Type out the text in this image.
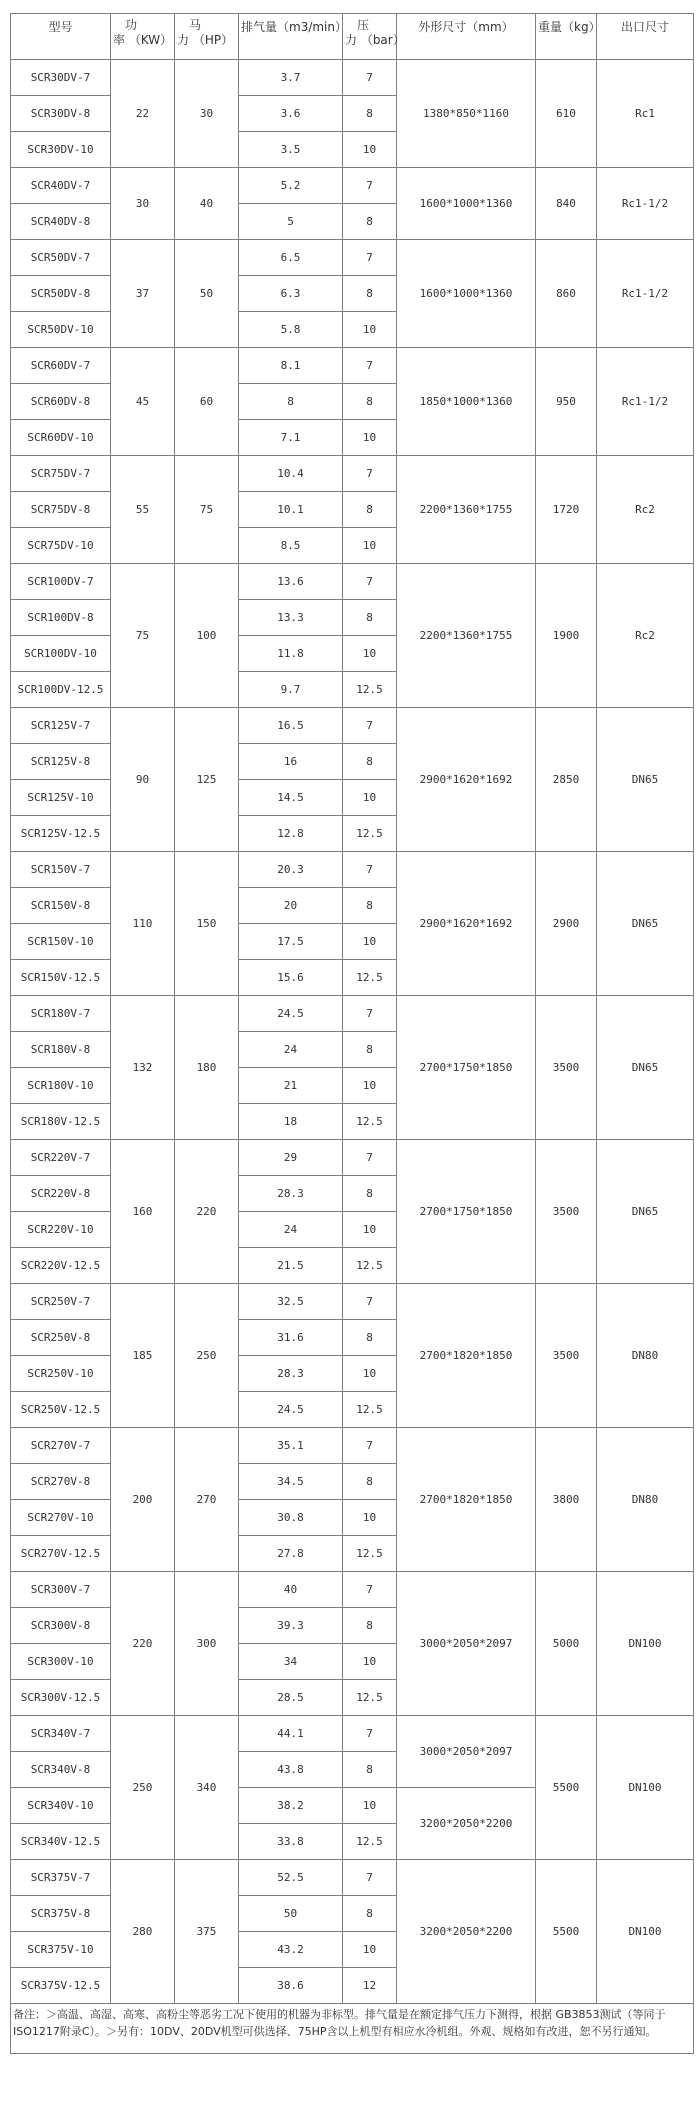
型号	功
率 （KW）	马
力 （HP）	排气量（m3/min）	压
力 （bar）	外形尺寸（mm）	重量（kg）	出口尺寸
SCR30DV-7	22	30	3.7	7	1380*850*1160	610	Rc1
SCR30DV-8			3.6	8			
SCR30DV-10			3.5	10			
SCR40DV-7	30	40	5.2	7	1600*1000*1360	840	Rc1-1/2
SCR40DV-8			5	8			
SCR50DV-7	37	50	6.5	7	1600*1000*1360	860	Rc1-1/2
SCR50DV-8			6.3	8			
SCR50DV-10			5.8	10			
SCR60DV-7	45	60	8.1	7	1850*1000*1360	950	Rc1-1/2
SCR60DV-8			8	8			
SCR60DV-10			7.1	10			
SCR75DV-7	55	75	10.4	7	2200*1360*1755	1720	Rc2
SCR75DV-8			10.1	8			
SCR75DV-10			8.5	10			
SCR100DV-7	75	100	13.6	7	2200*1360*1755	1900	Rc2
SCR100DV-8			13.3	8			
SCR100DV-10			11.8	10			
SCR100DV-12.5			9.7	12.5			
SCR125V-7	90	125	16.5	7	2900*1620*1692	2850	DN65
SCR125V-8			16	8			
SCR125V-10			14.5	10			
SCR125V-12.5			12.8	12.5			
SCR150V-7	110	150	20.3	7	2900*1620*1692	2900	DN65
SCR150V-8			20	8			
SCR150V-10			17.5	10			
SCR150V-12.5			15.6	12.5			
SCR180V-7	132	180	24.5	7	2700*1750*1850	3500	DN65
SCR180V-8			24	8			
SCR180V-10			21	10			
SCR180V-12.5			18	12.5			
SCR220V-7	160	220	29	7	2700*1750*1850	3500	DN65
SCR220V-8			28.3	8			
SCR220V-10			24	10			
SCR220V-12.5			21.5	12.5			
SCR250V-7	185	250	32.5	7	2700*1820*1850	3500	DN80
SCR250V-8			31.6	8			
SCR250V-10			28.3	10			
SCR250V-12.5			24.5	12.5			
SCR270V-7	200	270	35.1	7	2700*1820*1850	3800	DN80
SCR270V-8			34.5	8			
SCR270V-10			30.8	10			
SCR270V-12.5			27.8	12.5			
SCR300V-7	220	300	40	7	3000*2050*2097	5000	DN100
SCR300V-8			39.3	8			
SCR300V-10			34	10			
SCR300V-12.5			28.5	12.5			
SCR340V-7	250	340	44.1	7	3000*2050*2097	5500	DN100
SCR340V-8			43.8	8			
SCR340V-10			38.2	10	3200*2050*2200		
SCR340V-12.5			33.8	12.5			
SCR375V-7	280	375	52.5	7	3200*2050*2200	5500	DN100
SCR375V-8			50	8			
SCR375V-10			43.2	10			
SCR375V-12.5			38.6	12			
备注：＞高温、高湿、高寒、高粉尘等恶劣工况下使用的机器为非标型。排气量是在额定排气压力下测得，根据 GB3853测试（等同于ISO1217附录C）。＞另有：10DV、20DV机型可供选择、75HP含以上机型有相应水冷机组。外观、规格如有改进，恕不另行通知。							
